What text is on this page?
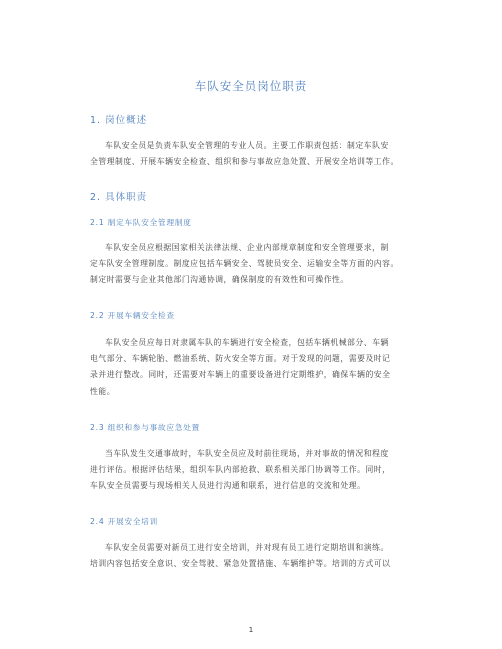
车队安全员岗位职责
1. 岗位概述
车队安全员是负责车队安全管理的专业人员。主要工作职责包括：制定车队安
全管理制度、开展车辆安全检查、组织和参与事故应急处置、开展安全培训等工作。
2. 具体职责
2.1 制定车队安全管理制度
车队安全员应根据国家相关法律法规、企业内部规章制度和安全管理要求，制
定车队安全管理制度。制度应包括车辆安全、驾驶员安全、运输安全等方面的内容。
制定时需要与企业其他部门沟通协调，确保制度的有效性和可操作性。
2.2 开展车辆安全检查
车队安全员应每日对隶属车队的车辆进行安全检查，包括车辆机械部分、车辆
电气部分、车辆轮胎、燃油系统、防火安全等方面。对于发现的问题，需要及时记
录并进行整改。同时，还需要对车辆上的重要设备进行定期维护，确保车辆的安全
性能。
2.3 组织和参与事故应急处置
当车队发生交通事故时，车队安全员应及时前往现场，并对事故的情况和程度
进行评估。根据评估结果，组织车队内部抢救、联系相关部门协调等工作。同时，
车队安全员需要与现场相关人员进行沟通和联系，进行信息的交流和处理。
2.4 开展安全培训
车队安全员需要对新员工进行安全培训，并对现有员工进行定期培训和演练。
培训内容包括安全意识、安全驾驶、紧急处置措施、车辆维护等。培训的方式可以
1
